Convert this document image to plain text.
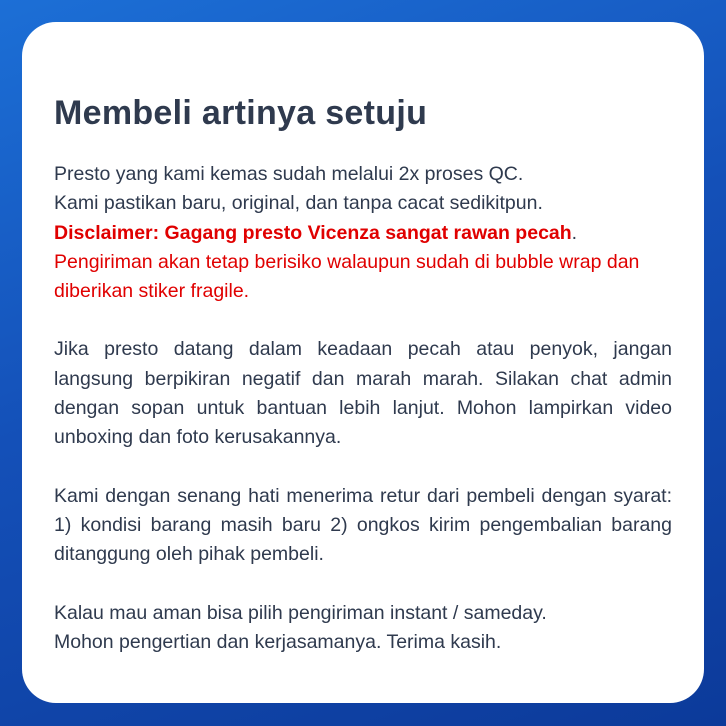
Membeli artinya setuju

Presto yang kami kemas sudah melalui 2x proses QC.
Kami pastikan baru, original, dan tanpa cacat sedikitpun.
Disclaimer: Gagang presto Vicenza sangat rawan pecah.
Pengiriman akan tetap berisiko walaupun sudah di bubble wrap dan diberikan stiker fragile.

Jika presto datang dalam keadaan pecah atau penyok, jangan langsung berpikiran negatif dan marah marah. Silakan chat admin dengan sopan untuk bantuan lebih lanjut. Mohon lampirkan video unboxing dan foto kerusakannya.

Kami dengan senang hati menerima retur dari pembeli dengan syarat: 1) kondisi barang masih baru 2) ongkos kirim pengembalian barang ditanggung oleh pihak pembeli.

Kalau mau aman bisa pilih pengiriman instant / sameday.
Mohon pengertian dan kerjasamanya. Terima kasih.
